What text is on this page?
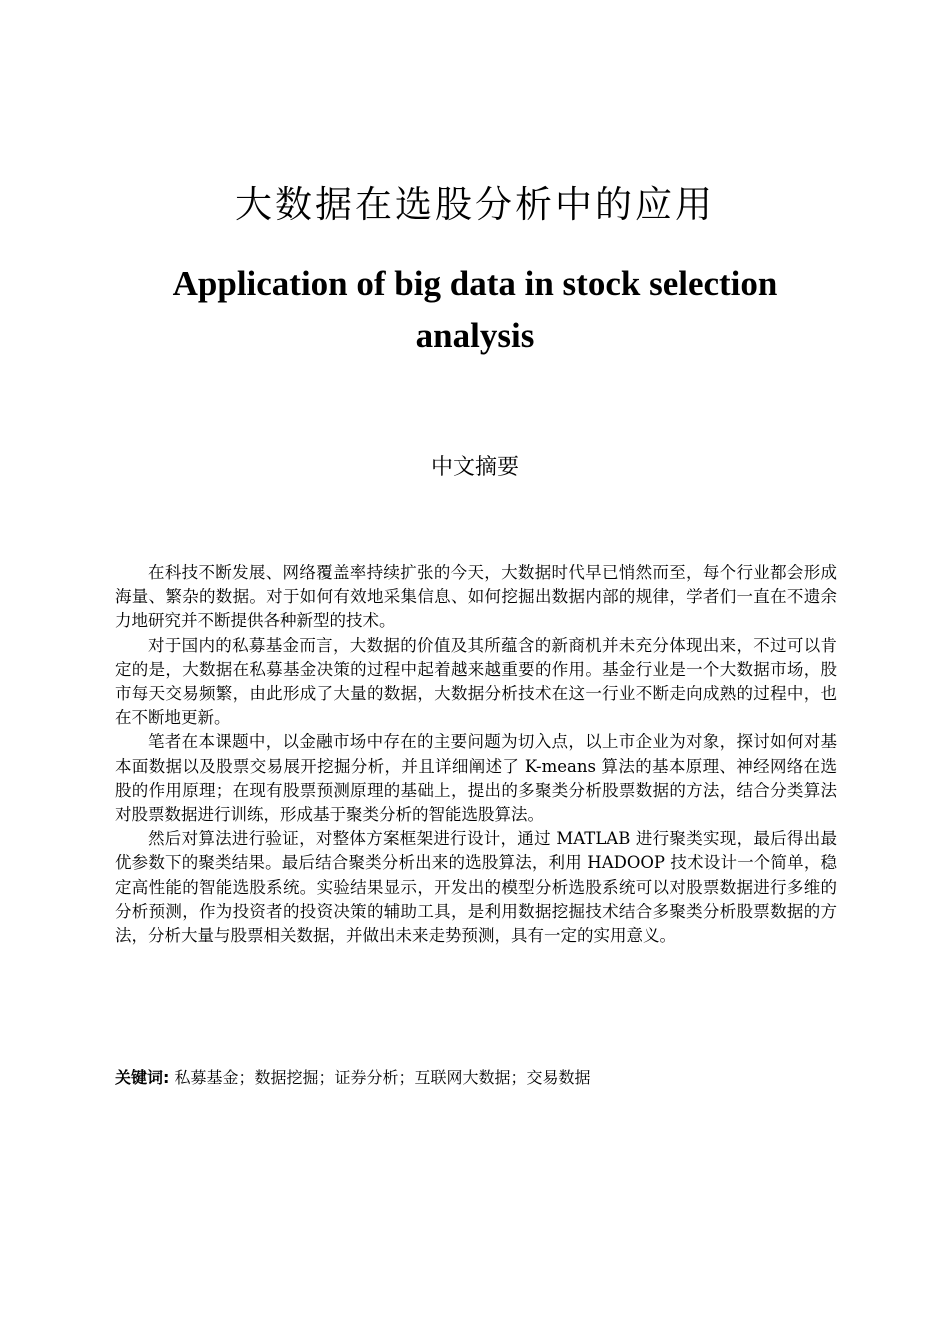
大数据在选股分析中的应用
Application of big data in stock selection analysis
中文摘要

在科技不断发展、网络覆盖率持续扩张的今天，大数据时代早已悄然而至，每个行业都会形成海量、繁杂的数据。对于如何有效地采集信息、如何挖掘出数据内部的规律，学者们一直在不遗余力地研究并不断提供各种新型的技术。

对于国内的私募基金而言，大数据的价值及其所蕴含的新商机并未充分体现出来，不过可以肯定的是，大数据在私募基金决策的过程中起着越来越重要的作用。基金行业是一个大数据市场，股市每天交易频繁，由此形成了大量的数据，大数据分析技术在这一行业不断走向成熟的过程中，也在不断地更新。

笔者在本课题中，以金融市场中存在的主要问题为切入点，以上市企业为对象，探讨如何对基本面数据以及股票交易展开挖掘分析，并且详细阐述了 K-means 算法的基本原理、神经网络在选股的作用原理；在现有股票预测原理的基础上，提出的多聚类分析股票数据的方法，结合分类算法对股票数据进行训练，形成基于聚类分析的智能选股算法。

然后对算法进行验证，对整体方案框架进行设计，通过 MATLAB 进行聚类实现，最后得出最优参数下的聚类结果。最后结合聚类分析出来的选股算法，利用 HADOOP 技术设计一个简单，稳定高性能的智能选股系统。实验结果显示，开发出的模型分析选股系统可以对股票数据进行多维的分析预测，作为投资者的投资决策的辅助工具，是利用数据挖掘技术结合多聚类分析股票数据的方法，分析大量与股票相关数据，并做出未来走势预测，具有一定的实用意义。

关键词: 私募基金；数据挖掘；证券分析；互联网大数据；交易数据
